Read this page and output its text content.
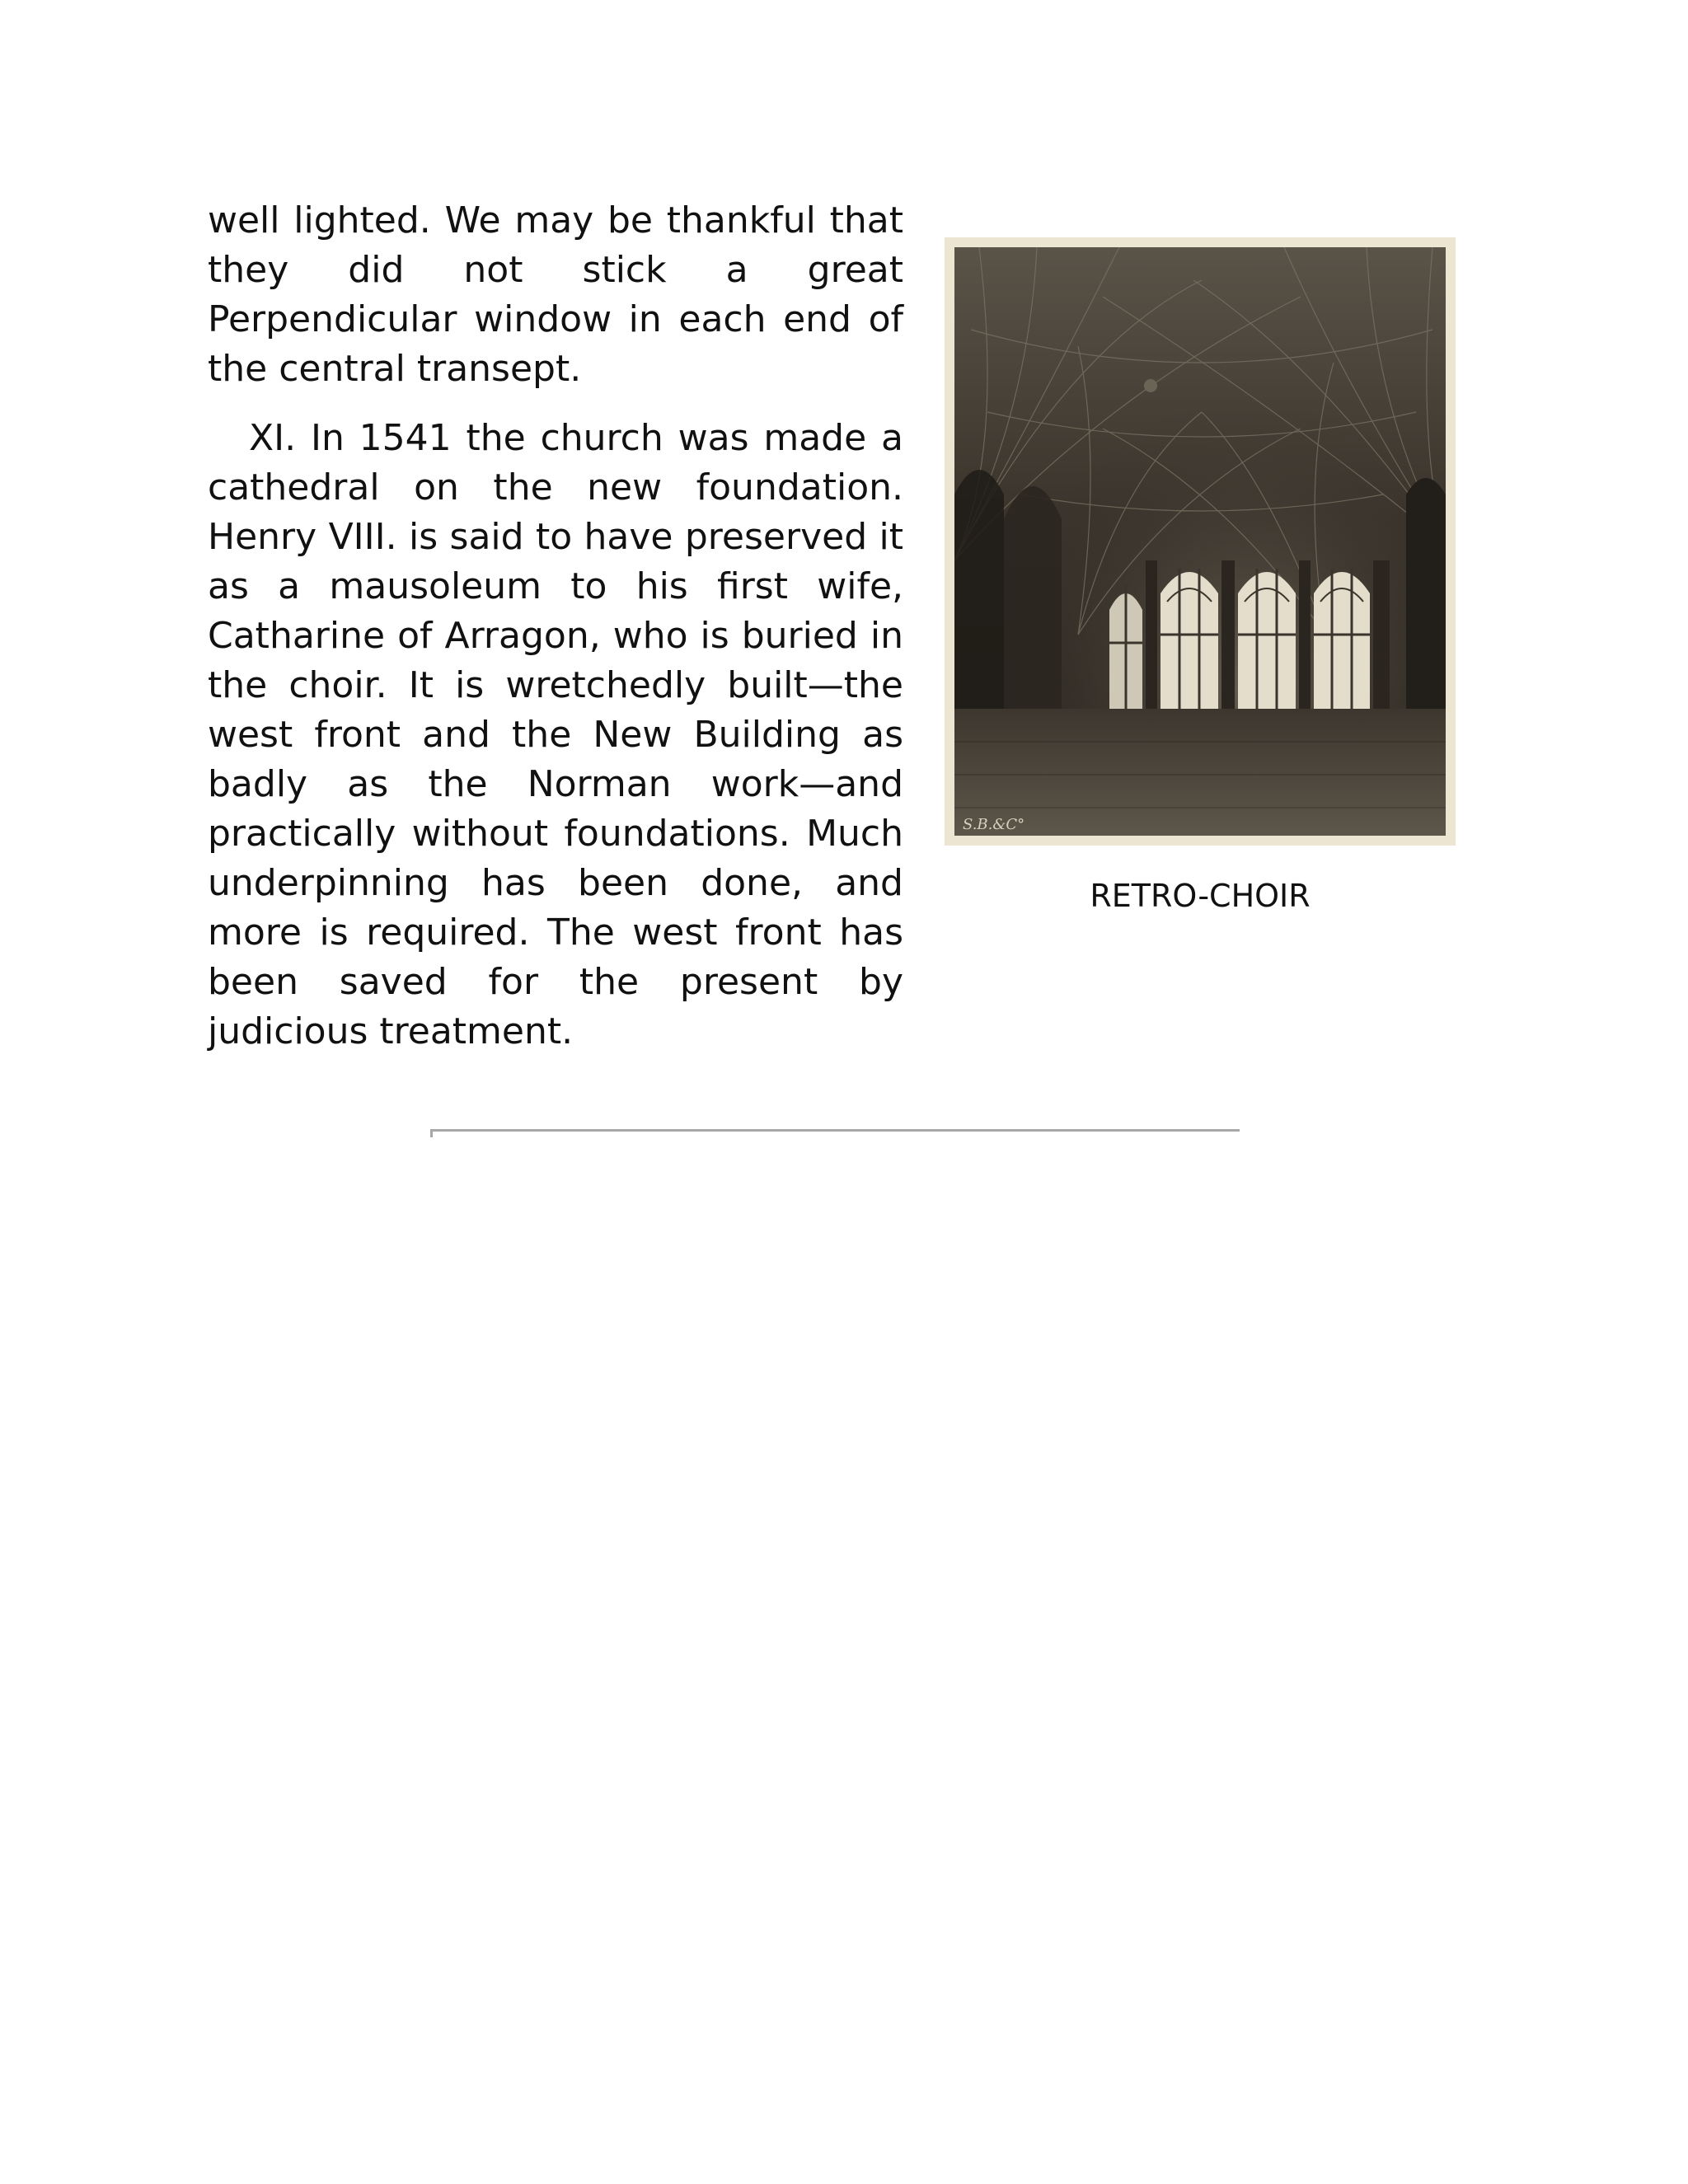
well lighted. We may be thankful that they did not stick a great Perpendicular window in each end of the central transept.

XI. In 1541 the church was made a cathedral on the new foundation. Henry VIII. is said to have preserved it as a mausoleum to his first wife, Catharine of Arragon, who is buried in the choir. It is wretchedly built—the west front and the New Building as badly as the Norman work—and practically without foundations. Much underpinning has been done, and more is required. The west front has been saved for the present by judicious treatment.

S.B.&C°
RETRO-CHOIR
